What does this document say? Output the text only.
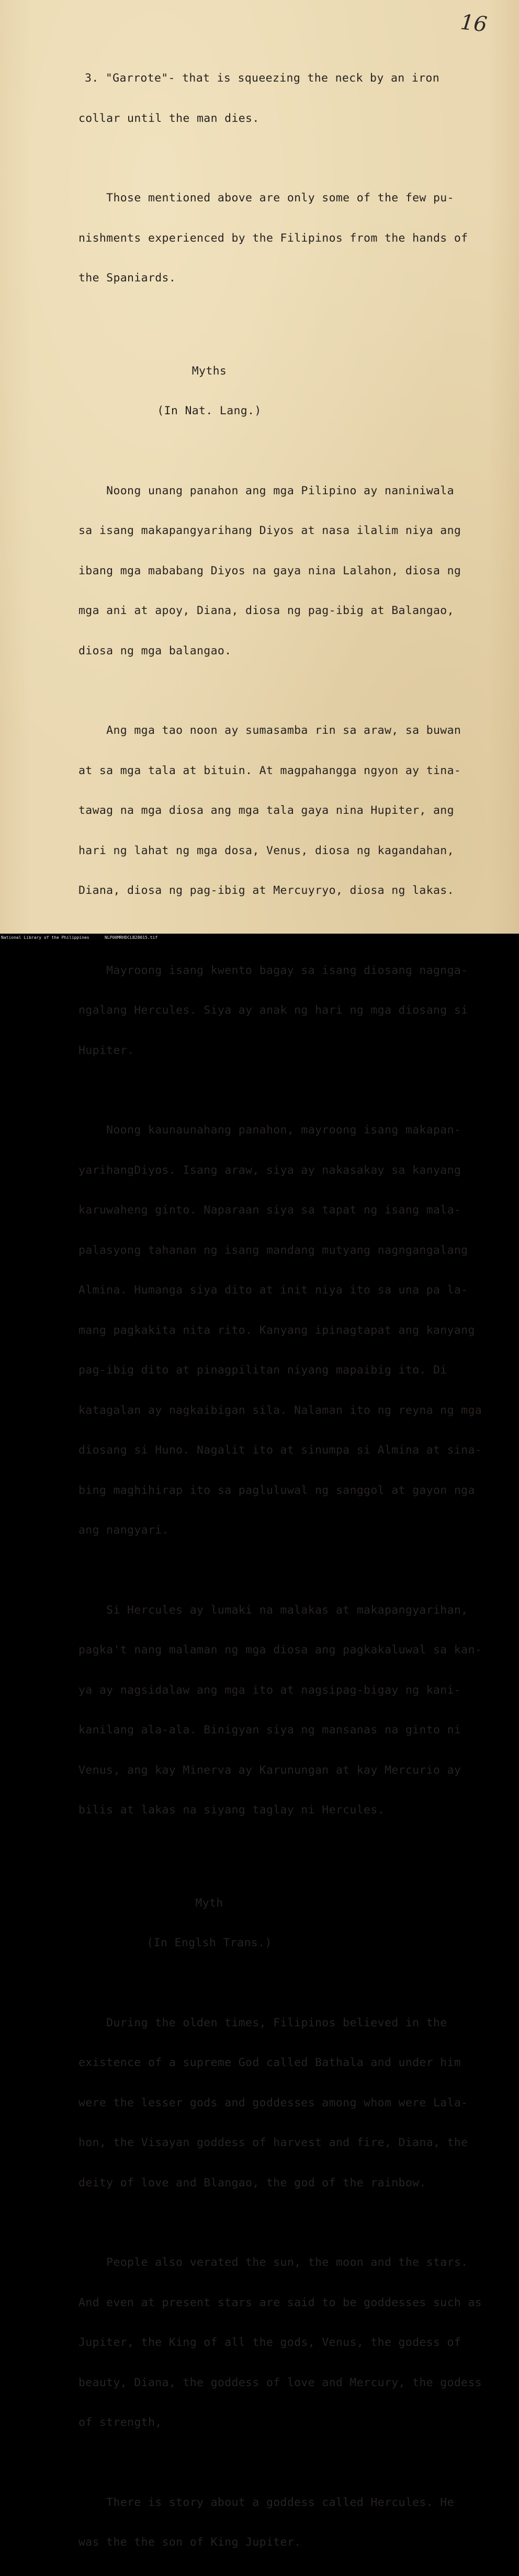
16

3. "Garrote"- that is squeezing the neck by an iron

collar until the man dies.

Those mentioned above are only some of the few pu-

nishments experienced by the Filipinos from the hands of

the Spaniards.

Myths

(In Nat. Lang.)

Noong unang panahon ang mga Pilipino ay naniniwala

sa isang makapangyarihang Diyos at nasa ilalim niya ang

ibang mga mababang Diyos na gaya nina Lalahon, diosa ng

mga ani at apoy, Diana, diosa ng pag-ibig at Balangao,

diosa ng mga balangao.

Ang mga tao noon ay sumasamba rin sa araw, sa buwan

at sa mga tala at bituin. At magpahangga ngyon ay tina-

tawag na mga diosa ang mga tala gaya nina Hupiter, ang

hari ng lahat ng mga dosa, Venus, diosa ng kagandahan,

Diana, diosa ng pag-ibig at Mercuyryo, diosa ng lakas.

Mayroong isang kwento bagay sa isang diosang nagnga-

ngalang Hercules. Siya ay anak ng hari ng mga diosang si

Hupiter.

Noong kaunaunahang panahon, mayroong isang makapan-

yarihangDiyos. Isang araw, siya ay nakasakay sa kanyang

karuwaheng ginto. Naparaan siya sa tapat ng isang mala-

palasyong tahanan ng isang mandang mutyang nagngangalang

Almina. Humanga siya dito at init niya ito sa una pa la-

mang pagkakita nita rito. Kanyang ipinagtapat ang kanyang

pag-ibig dito at pinagpilitan niyang mapaibig ito. Di

katagalan ay nagkaibigan sila. Nalaman ito ng reyna ng mga

diosang si Huno. Nagalit ito at sinumpa si Almina at sina-

bing maghihirap ito sa pagluluwal ng sanggol at gayon nga

ang nangyari.

Si Hercules ay lumaki na malakas at makapangyarihan,

pagka't nang malaman ng mga diosa ang pagkakaluwal sa kan-

ya ay nagsidalaw ang mga ito at nagsipag-bigay ng kani-

kanilang ala-ala. Binigyan siya ng mansanas na ginto ni

Venus, ang kay Minerva ay Karunungan at kay Mercurio ay

bilis at lakas na siyang taglay ni Hercules.

Myth

(In Englsh Trans.)

During the olden times, Filipinos believed in the

existence of a supreme God called Bathala and under him

were the lesser gods and goddesses among whom were Lala-

hon, the Visayan goddess of harvest and fire, Diana, the

deity of love and Blangao, the god of the rainbow.

People also verated the sun, the moon and the stars.

And even at present stars are said to be goddesses such as

Jupiter, the King of all the gods, Venus, the godess of

beauty, Diana, the goddess of love and Mercury, the godess

of strength,

There is story about a goddess called Hercules. He

was the the son of King Jupiter.

National Library of the Philippines	NLP00MRHDCLB28015.tif
